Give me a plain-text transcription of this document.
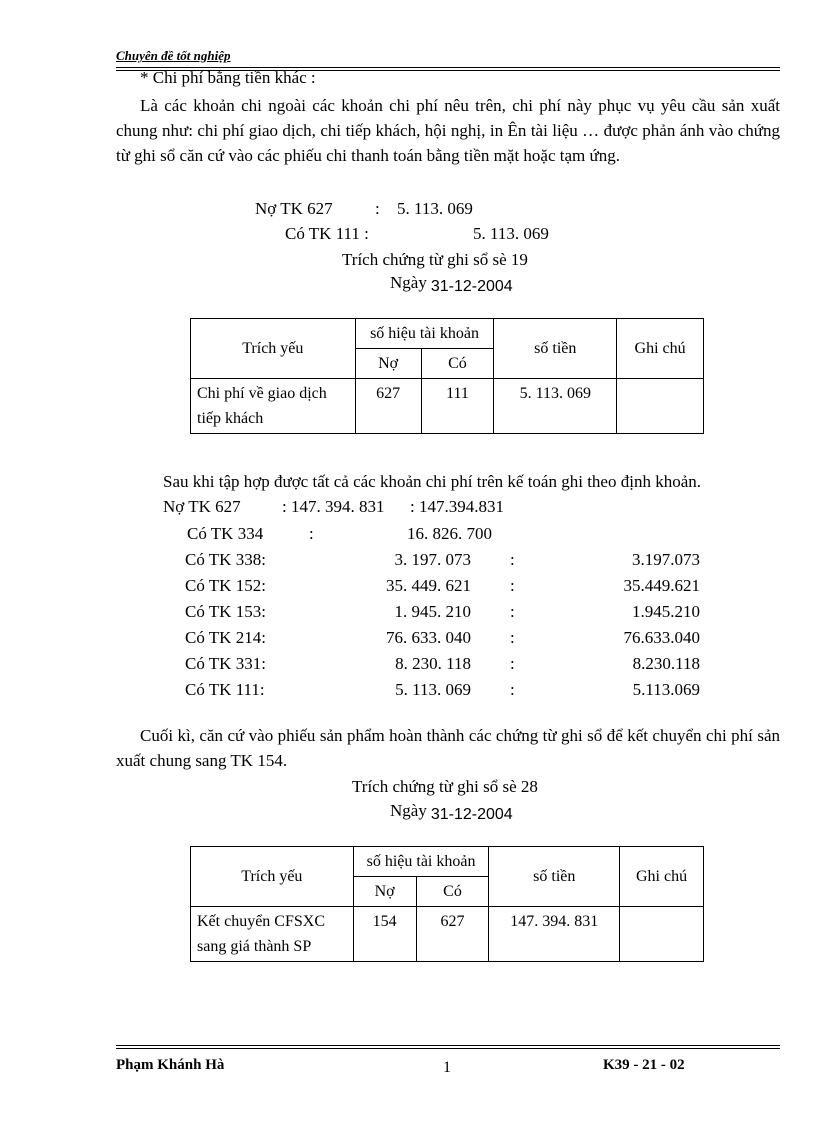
Chuyên đề tốt nghiệp
* Chi phí bằng tiền khác :
Là các khoản chi ngoài các khoản chi phí nêu trên, chi phí này phục vụ yêu cầu sản xuất chung như: chi phí giao dịch, chi tiếp khách, hội nghị, in Ên tài liệu … được phản ánh vào chứng từ ghi sổ căn cứ vào các phiếu chi thanh toán bằng tiền mặt hoặc tạm ứng.
Nợ TK 627 : 5. 113. 069
Có TK 111 :	5. 113. 069
Trích chứng từ ghi sổ sè 19
Ngày 31-12-2004
Trích yếu	số hiệu tài khoản		số tiền	Ghi chú
	Nợ	Có		
Chi phí về giao dịch tiếp khách	627	111	5. 113. 069	
Sau khi tập hợp được tất cả các khoản chi phí trên kế toán ghi theo định khoản.
Nợ TK 627 : 147. 394. 831 : 147.394.831
Có TK 334	:	16. 826. 700
Có TK 338:	3. 197. 073 :	3.197.073
Có TK 152:	35. 449. 621 :	35.449.621
Có TK 153:	1. 945. 210 :	1.945.210
Có TK 214:	76. 633. 040 :	76.633.040
Có TK 331:	8. 230. 118 :	8.230.118
Có TK 111:	5. 113. 069 :	5.113.069
Cuối kì, căn cứ vào phiếu sản phẩm hoàn thành các chứng từ ghi sổ để kết chuyển chi phí sản xuất chung sang TK 154.
Trích chứng từ ghi sổ sè 28
Ngày 31-12-2004
Trích yếu	số hiệu tài khoản		số tiền	Ghi chú
	Nợ	Có		
Kết chuyển CFSXC sang giá thành SP	154	627	147. 394. 831	
Phạm Khánh Hà	1	K39 - 21 - 02
